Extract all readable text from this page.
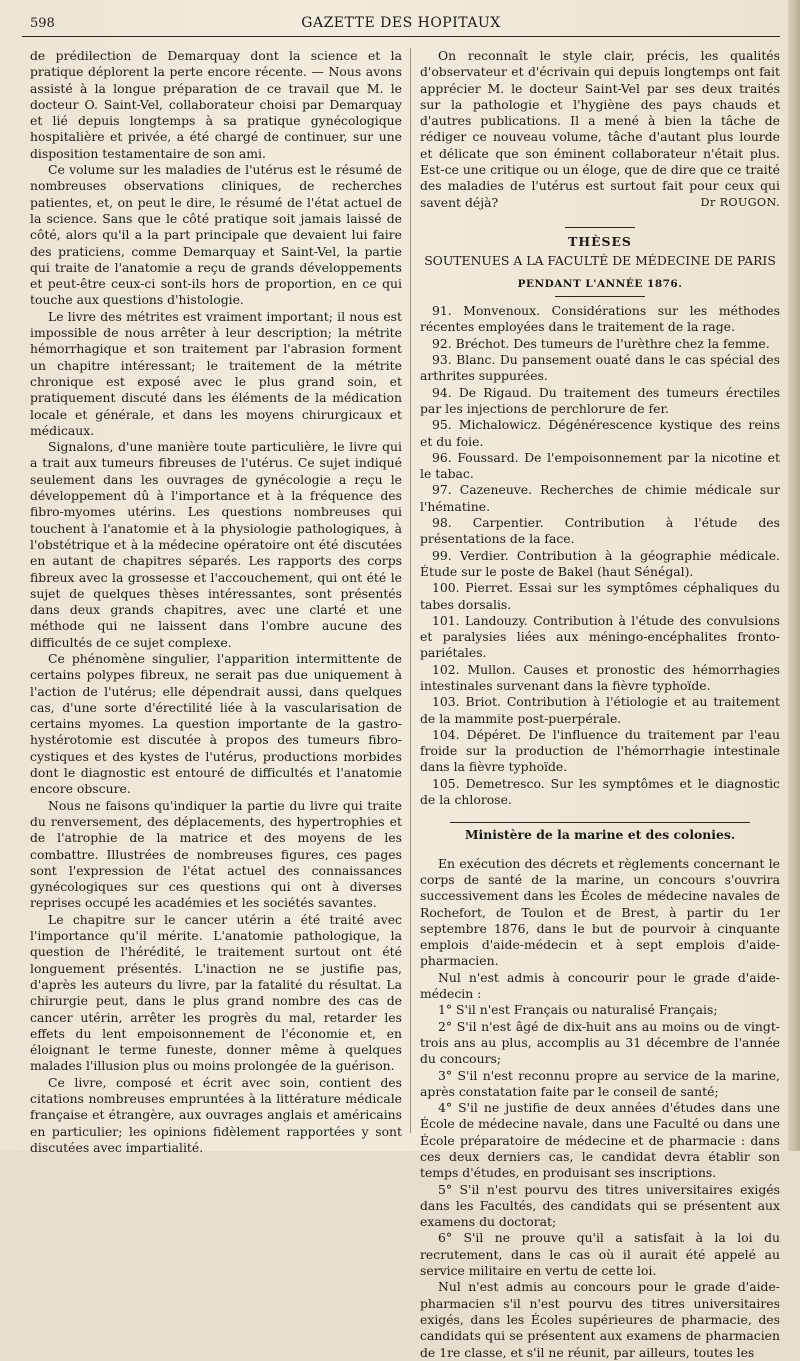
598	GAZETTE DES HOPITAUX

de prédilection de Demarquay dont la science et la pratique déplorent la perte encore récente. — Nous avons assisté à la longue préparation de ce travail que M. le docteur O. Saint-Vel, collaborateur choisi par Demarquay et lié depuis longtemps à sa pratique gynécologique hospitalière et privée, a été chargé de continuer, sur une disposition testamentaire de son ami.

Ce volume sur les maladies de l'utérus est le résumé de nombreuses observations cliniques, de recherches patientes, et, on peut le dire, le résumé de l'état actuel de la science. Sans que le côté pratique soit jamais laissé de côté, alors qu'il a la part principale que devaient lui faire des praticiens, comme Demarquay et Saint-Vel, la partie qui traite de l'anatomie a reçu de grands développements et peut-être ceux-ci sont-ils hors de proportion, en ce qui touche aux questions d'histologie.

Le livre des métrites est vraiment important; il nous est impossible de nous arrêter à leur description; la métrite hémorrhagique et son traitement par l'abrasion forment un chapitre intéressant; le traitement de la métrite chronique est exposé avec le plus grand soin, et pratiquement discuté dans les éléments de la médication locale et générale, et dans les moyens chirurgicaux et médicaux.

Signalons, d'une manière toute particulière, le livre qui a trait aux tumeurs fibreuses de l'utérus. Ce sujet indiqué seulement dans les ouvrages de gynécologie a reçu le développement dû à l'importance et à la fréquence des fibro-myomes utérins. Les questions nombreuses qui touchent à l'anatomie et à la physiologie pathologiques, à l'obstétrique et à la médecine opératoire ont été discutées en autant de chapitres séparés. Les rapports des corps fibreux avec la grossesse et l'accouchement, qui ont été le sujet de quelques thèses intéressantes, sont présentés dans deux grands chapitres, avec une clarté et une méthode qui ne laissent dans l'ombre aucune des difficultés de ce sujet complexe.

Ce phénomène singulier, l'apparition intermittente de certains polypes fibreux, ne serait pas due uniquement à l'action de l'utérus; elle dépendrait aussi, dans quelques cas, d'une sorte d'érectilité liée à la vascularisation de certains myomes. La question importante de la gastro-hystérotomie est discutée à propos des tumeurs fibro-cystiques et des kystes de l'utérus, productions morbides dont le diagnostic est entouré de difficultés et l'anatomie encore obscure.

Nous ne faisons qu'indiquer la partie du livre qui traite du renversement, des déplacements, des hypertrophies et de l'atrophie de la matrice et des moyens de les combattre. Illustrées de nombreuses figures, ces pages sont l'expression de l'état actuel des connaissances gynécologiques sur ces questions qui ont à diverses reprises occupé les académies et les sociétés savantes.

Le chapitre sur le cancer utérin a été traité avec l'importance qu'il mérite. L'anatomie pathologique, la question de l'hérédité, le traitement surtout ont été longuement présentés. L'inaction ne se justifie pas, d'après les auteurs du livre, par la fatalité du résultat. La chirurgie peut, dans le plus grand nombre des cas de cancer utérin, arrêter les progrès du mal, retarder les effets du lent empoisonnement de l'économie et, en éloignant le terme funeste, donner même à quelques malades l'illusion plus ou moins prolongée de la guérison.

Ce livre, composé et écrit avec soin, contient des citations nombreuses empruntées à la littérature médicale française et étrangère, aux ouvrages anglais et américains en particulier; les opinions fidèlement rapportées y sont discutées avec impartialité.

On reconnaît le style clair, précis, les qualités d'observateur et d'écrivain qui depuis longtemps ont fait apprécier M. le docteur Saint-Vel par ses deux traités sur la pathologie et l'hygiène des pays chauds et d'autres publications. Il a mené à bien la tâche de rédiger ce nouveau volume, tâche d'autant plus lourde et délicate que son éminent collaborateur n'était plus. Est-ce une critique ou un éloge, que de dire que ce traité des maladies de l'utérus est surtout fait pour ceux qui savent déjà?	Dr ROUGON.
THÈSES
SOUTENUES A LA FACULTÉ DE MÉDECINE DE PARIS
PENDANT L'ANNÉE 1876.

91. Monvenoux. Considérations sur les méthodes récentes employées dans le traitement de la rage.

92. Bréchot. Des tumeurs de l'urèthre chez la femme.

93. Blanc. Du pansement ouaté dans le cas spécial des arthrites suppurées.

94. De Rigaud. Du traitement des tumeurs érectiles par les injections de perchlorure de fer.

95. Michalowicz. Dégénérescence kystique des reins et du foie.

96. Foussard. De l'empoisonnement par la nicotine et le tabac.

97. Cazeneuve. Recherches de chimie médicale sur l'hématine.

98. Carpentier. Contribution à l'étude des présentations de la face.

99. Verdier. Contribution à la géographie médicale. Étude sur le poste de Bakel (haut Sénégal).

100. Pierret. Essai sur les symptômes céphaliques du tabes dorsalis.

101. Landouzy. Contribution à l'étude des convulsions et paralysies liées aux méningo-encéphalites fronto-pariétales.

102. Mullon. Causes et pronostic des hémorrhagies intestinales survenant dans la fièvre typhoïde.

103. Briot. Contribution à l'étiologie et au traitement de la mammite post-puerpérale.

104. Dépéret. De l'influence du traitement par l'eau froide sur la production de l'hémorrhagie intestinale dans la fièvre typhoïde.

105. Demetresco. Sur les symptômes et le diagnostic de la chlorose.

Ministère de la marine et des colonies.

En exécution des décrets et règlements concernant le corps de santé de la marine, un concours s'ouvrira successivement dans les Écoles de médecine navales de Rochefort, de Toulon et de Brest, à partir du 1er septembre 1876, dans le but de pourvoir à cinquante emplois d'aide-médecin et à sept emplois d'aide-pharmacien.

Nul n'est admis à concourir pour le grade d'aide-médecin :

1° S'il n'est Français ou naturalisé Français;

2° S'il n'est âgé de dix-huit ans au moins ou de vingt-trois ans au plus, accomplis au 31 décembre de l'année du concours;

3° S'il n'est reconnu propre au service de la marine, après constatation faite par le conseil de santé;

4° S'il ne justifie de deux années d'études dans une École de médecine navale, dans une Faculté ou dans une École préparatoire de médecine et de pharmacie : dans ces deux derniers cas, le candidat devra établir son temps d'études, en produisant ses inscriptions.

5° S'il n'est pourvu des titres universitaires exigés dans les Facultés, des candidats qui se présentent aux examens du doctorat;

6° S'il ne prouve qu'il a satisfait à la loi du recrutement, dans le cas où il aurait été appelé au service militaire en vertu de cette loi.

Nul n'est admis au concours pour le grade d'aide-pharmacien s'il n'est pourvu des titres universitaires exigés, dans les Écoles supérieures de pharmacie, des candidats qui se présentent aux examens de pharmacien de 1re classe, et s'il ne réunit, par ailleurs, toutes les
